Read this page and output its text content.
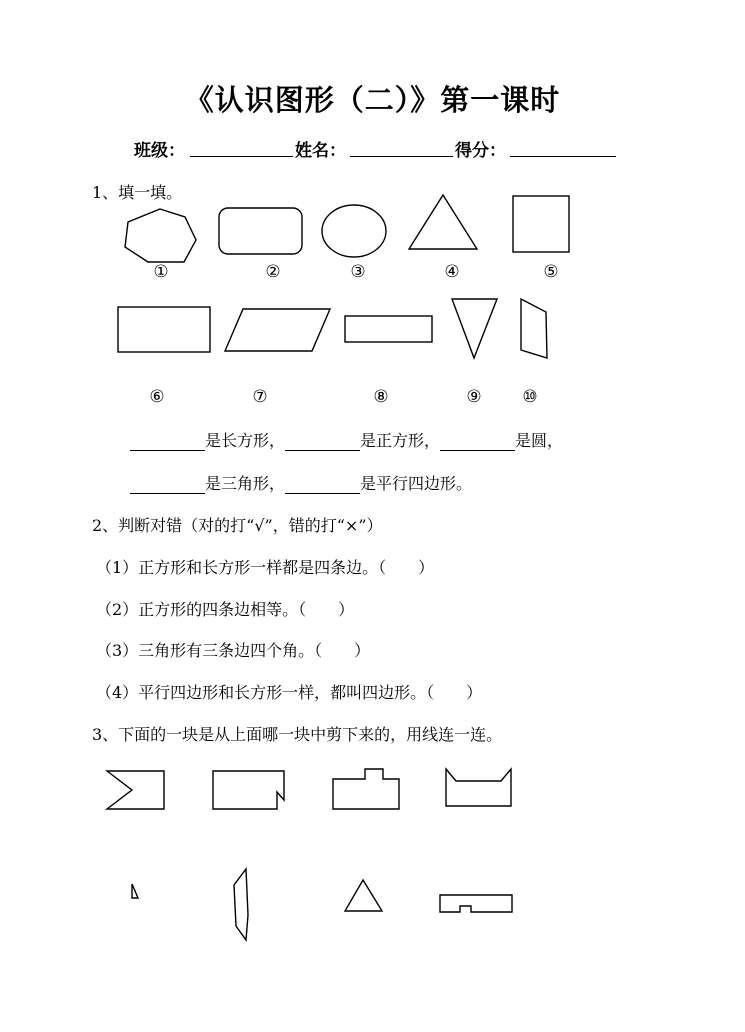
《认识图形（二）》第一课时
班级：	姓名：	得分：
1、填一填。
①	②	③	④	⑤
⑥	⑦	⑧	⑨	⑩
是长方形，	是正方形，	是圆，
是三角形，	是平行四边形。
2、判断对错（对的打“√”，错的打“×”）
（1）正方形和长方形一样都是四条边。（　　）
（2）正方形的四条边相等。（　　）
（3）三角形有三条边四个角。（　　）
（4）平行四边形和长方形一样，都叫四边形。（　　）
3、下面的一块是从上面哪一块中剪下来的，用线连一连。
